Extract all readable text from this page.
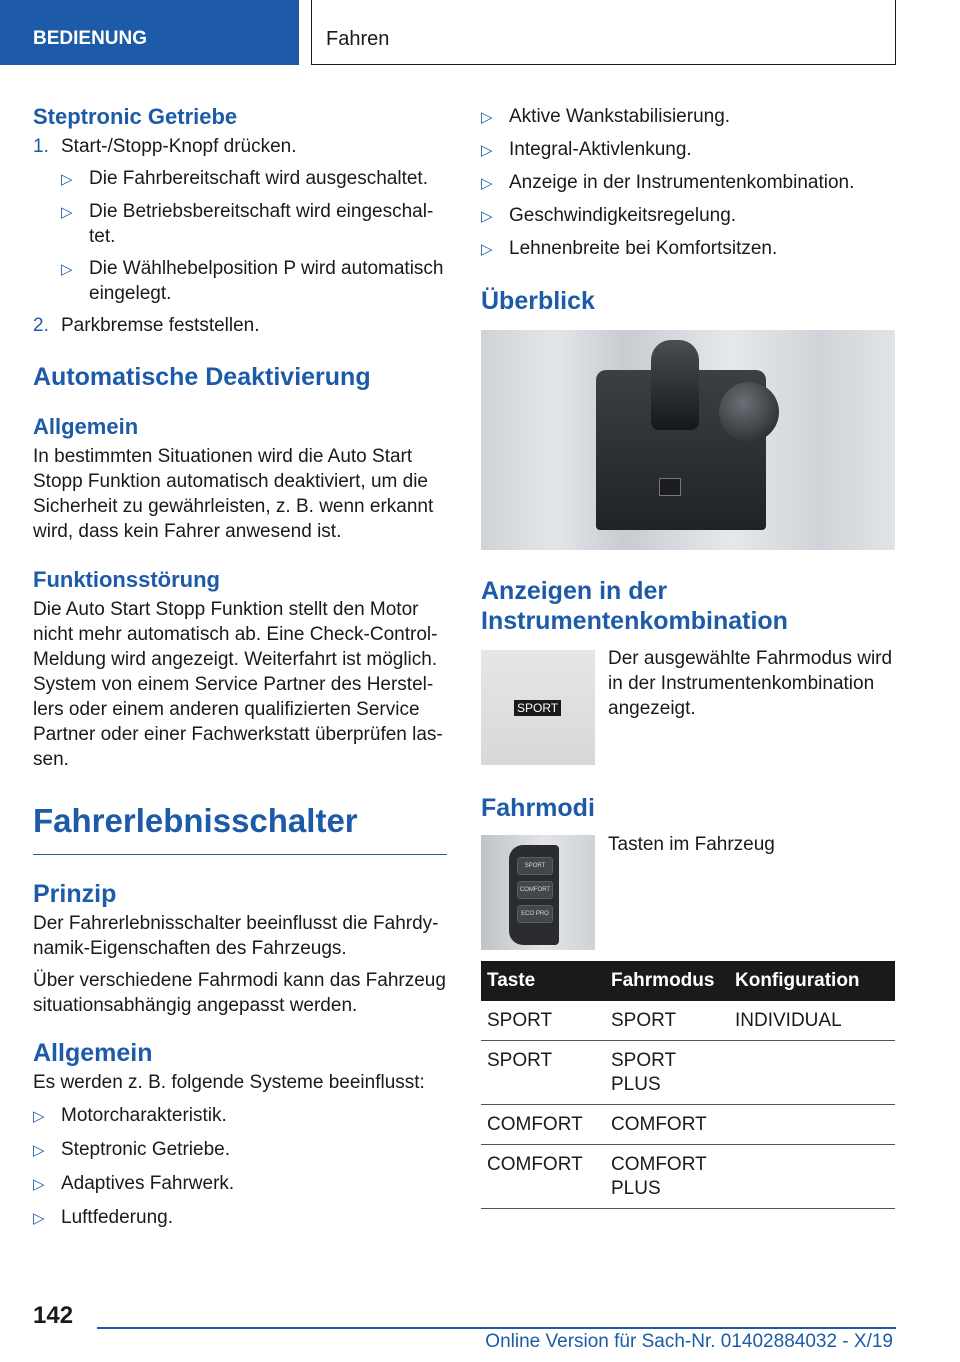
BEDIENUNG	Fahren
Steptronic Getriebe
1. Start-/Stopp-Knopf drücken.
▷ Die Fahrbereitschaft wird ausgeschaltet.
▷ Die Betriebsbereitschaft wird eingeschal‐
tet.
▷ Die Wählhebelposition P wird automatisch
eingelegt.
2. Parkbremse feststellen.
Automatische Deaktivierung
Allgemein
In bestimmten Situationen wird die Auto Start
Stopp Funktion automatisch deaktiviert, um die
Sicherheit zu gewährleisten, z. B. wenn erkannt
wird, dass kein Fahrer anwesend ist.
Funktionsstörung
Die Auto Start Stopp Funktion stellt den Motor
nicht mehr automatisch ab. Eine Check-Control-
Meldung wird angezeigt. Weiterfahrt ist möglich.
System von einem Service Partner des Herstel‐
lers oder einem anderen qualifizierten Service
Partner oder einer Fachwerkstatt überprüfen las‐
sen.
Fahrerlebnisschalter
Prinzip
Der Fahrerlebnisschalter beeinflusst die Fahrdy‐
namik-Eigenschaften des Fahrzeugs.
Über verschiedene Fahrmodi kann das Fahrzeug
situationsabhängig angepasst werden.
Allgemein
Es werden z. B. folgende Systeme beeinflusst:
▷ Motorcharakteristik.
▷ Steptronic Getriebe.
▷ Adaptives Fahrwerk.
▷ Luftfederung.
▷ Aktive Wankstabilisierung.
▷ Integral-Aktivlenkung.
▷ Anzeige in der Instrumentenkombination.
▷ Geschwindigkeitsregelung.
▷ Lehnenbreite bei Komfortsitzen.
Überblick
Anzeigen in der
Instrumentenkombination
SPORT
Der ausgewählte Fahrmodus wird
in der Instrumentenkombination
angezeigt.
Fahrmodi
SPORT
COMFORT
ECO PRO
Tasten im Fahrzeug
Taste	Fahrmodus	Konfiguration
SPORT	SPORT	INDIVIDUAL
SPORT	SPORT
PLUS	
COMFORT	COMFORT	
COMFORT	COMFORT
PLUS	
142
Online Version für Sach-Nr. 01402884032 - X/19
